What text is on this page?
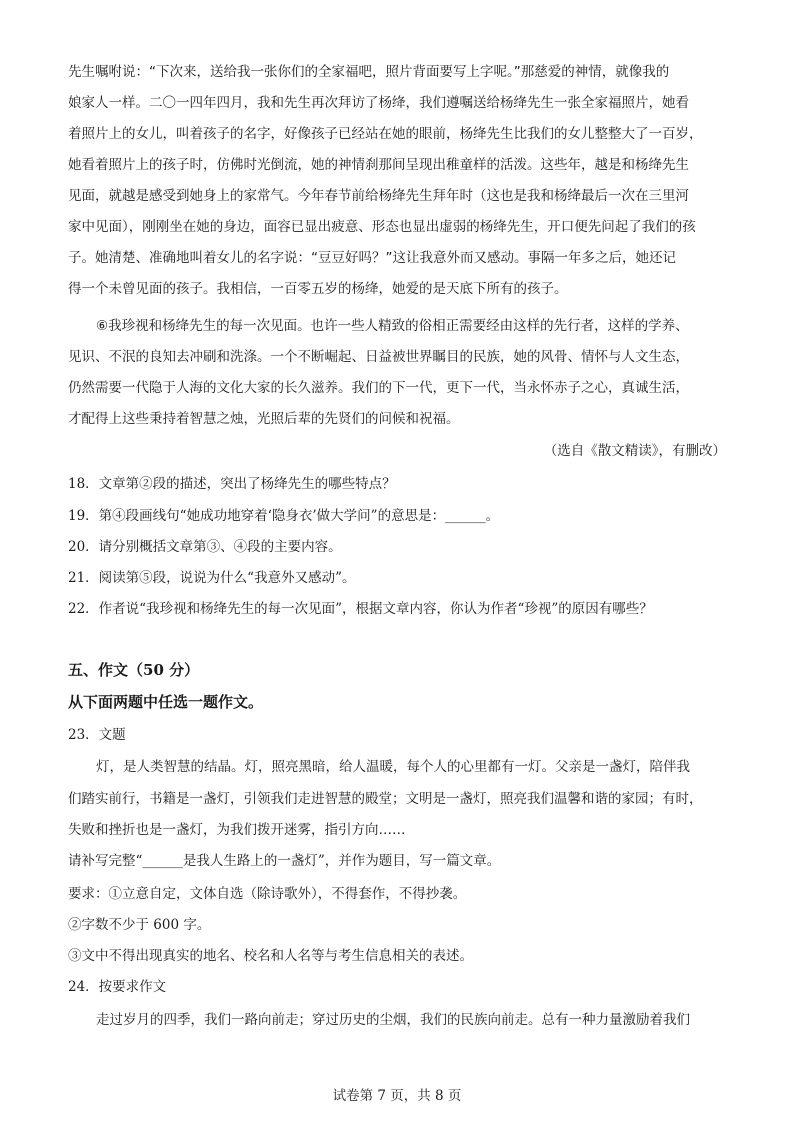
先生嘱咐说：“下次来，送给我一张你们的全家福吧，照片背面要写上字呢。”那慈爱的神情，就像我的

娘家人一样。二〇一四年四月，我和先生再次拜访了杨绛，我们遵嘱送给杨绛先生一张全家福照片，她看

着照片上的女儿，叫着孩子的名字，好像孩子已经站在她的眼前，杨绛先生比我们的女儿整整大了一百岁，

她看着照片上的孩子时，仿佛时光倒流，她的神情刹那间呈现出稚童样的活泼。这些年，越是和杨绛先生

见面，就越是感受到她身上的家常气。今年春节前给杨绛先生拜年时（这也是我和杨绛最后一次在三里河

家中见面），刚刚坐在她的身边，面容已显出疲意、形态也显出虚弱的杨绛先生，开口便先问起了我们的孩

子。她清楚、准确地叫着女儿的名字说：“豆豆好吗？”这让我意外而又感动。事隔一年多之后，她还记

得一个未曾见面的孩子。我相信，一百零五岁的杨绛，她爱的是天底下所有的孩子。

⑥我珍视和杨绛先生的每一次见面。也许一些人精致的俗相正需要经由这样的先行者，这样的学养、

见识、不泯的良知去冲刷和洗涤。一个不断崛起、日益被世界瞩目的民族，她的风骨、情怀与人文生态，

仍然需要一代隐于人海的文化大家的长久滋养。我们的下一代，更下一代，当永怀赤子之心，真诚生活，

才配得上这些秉持着智慧之烛，光照后辈的先贤们的问候和祝福。

（选自《散文精读》，有删改）

18．文章第②段的描述，突出了杨绛先生的哪些特点？

19．第④段画线句“她成功地穿着‘隐身衣’做大学问”的意思是：______。

20．请分别概括文章第③、④段的主要内容。

21．阅读第⑤段，说说为什么“我意外又感动”。

22．作者说“我珍视和杨绛先生的每一次见面”，根据文章内容，你认为作者“珍视”的原因有哪些？

五、作文（50 分）

从下面两题中任选一题作文。

23．文题

灯，是人类智慧的结晶。灯，照亮黑暗，给人温暖，每个人的心里都有一灯。父亲是一盏灯，陪伴我

们踏实前行，书籍是一盏灯，引领我们走进智慧的殿堂；文明是一盏灯，照亮我们温馨和谐的家园；有时，

失败和挫折也是一盏灯，为我们拨开迷雾，指引方向……

请补写完整“______是我人生路上的一盏灯”，并作为题目，写一篇文章。

要求：①立意自定，文体自选（除诗歌外），不得套作，不得抄袭。

②字数不少于 600 字。

③文中不得出现真实的地名、校名和人名等与考生信息相关的表述。

24．按要求作文

走过岁月的四季，我们一路向前走；穿过历史的尘烟，我们的民族向前走。总有一种力量激励着我们

试卷第 7 页，共 8 页
